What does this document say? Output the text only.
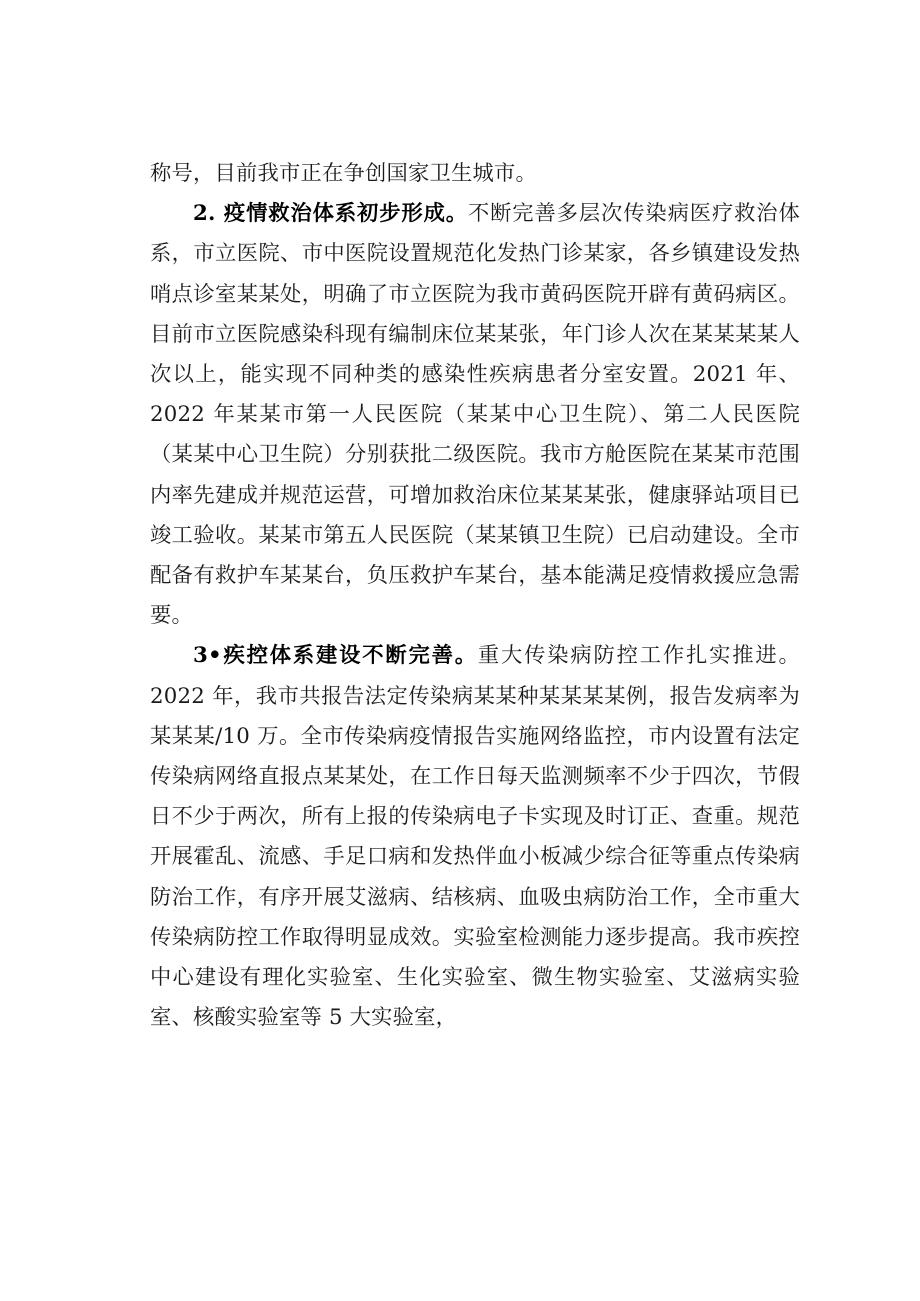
称号，目前我市正在争创国家卫生城市。

2. 疫情救治体系初步形成。不断完善多层次传染病医疗救治体系，市立医院、市中医院设置规范化发热门诊某家，各乡镇建设发热哨点诊室某某处，明确了市立医院为我市黄码医院开辟有黄码病区。目前市立医院感染科现有编制床位某某张，年门诊人次在某某某某人次以上，能实现不同种类的感染性疾病患者分室安置。2021 年、2022 年某某市第一人民医院（某某中心卫生院）、第二人民医院（某某中心卫生院）分别获批二级医院。我市方舱医院在某某市范围内率先建成并规范运营，可增加救治床位某某某张，健康驿站项目已竣工验收。某某市第五人民医院（某某镇卫生院）已启动建设。全市配备有救护车某某台，负压救护车某台，基本能满足疫情救援应急需要。

3•疾控体系建设不断完善。重大传染病防控工作扎实推进。2022 年，我市共报告法定传染病某某种某某某某例，报告发病率为某某某/10 万。全市传染病疫情报告实施网络监控，市内设置有法定传染病网络直报点某某处，在工作日每天监测频率不少于四次，节假日不少于两次，所有上报的传染病电子卡实现及时订正、查重。规范开展霍乱、流感、手足口病和发热伴血小板减少综合征等重点传染病防治工作，有序开展艾滋病、结核病、血吸虫病防治工作，全市重大传染病防控工作取得明显成效。实验室检测能力逐步提高。我市疾控中心建设有理化实验室、生化实验室、微生物实验室、艾滋病实验室、核酸实验室等 5 大实验室，
